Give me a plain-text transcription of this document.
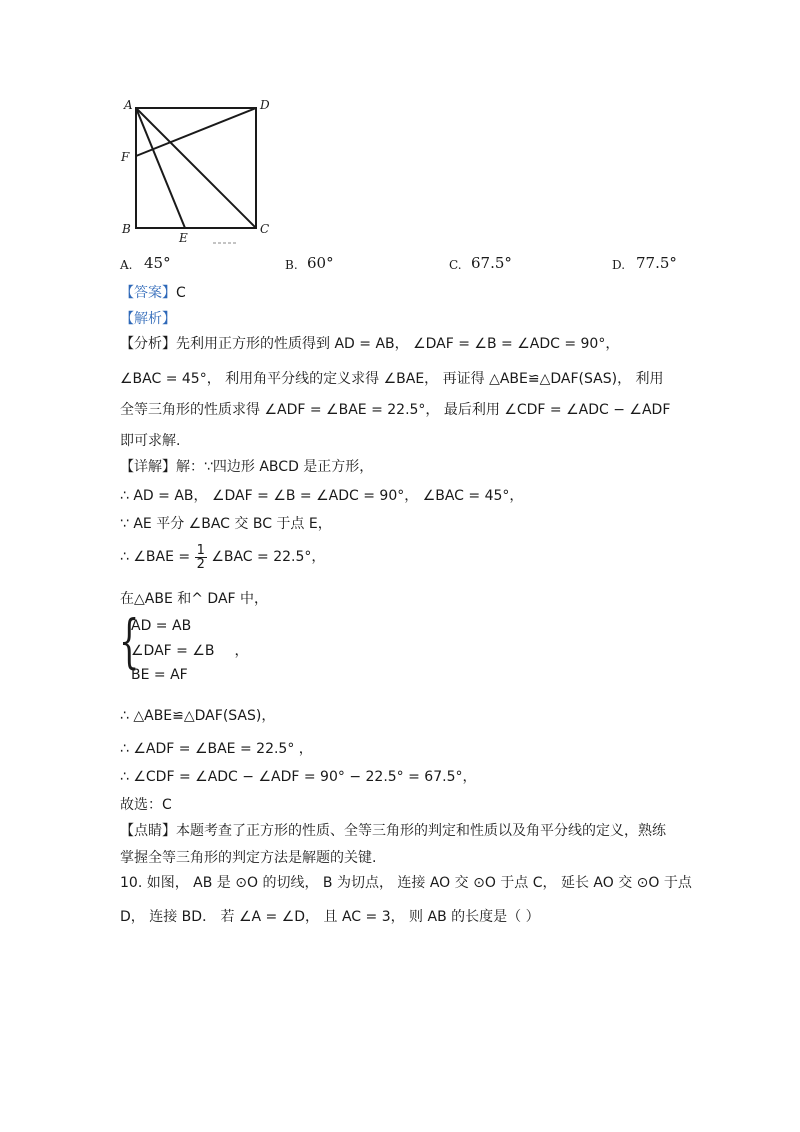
A	D
F
B
E
C
A. 45°	B. 60°	C. 67.5°	D. 77.5°
【答案】C
【解析】
【分析】先利用正方形的性质得到 AD = AB， ∠DAF = ∠B = ∠ADC = 90°，
∠BAC = 45°， 利用角平分线的定义求得 ∠BAE， 再证得 △ABE≌△DAF(SAS)， 利用
全等三角形的性质求得 ∠ADF = ∠BAE = 22.5°， 最后利用 ∠CDF = ∠ADC − ∠ADF
即可求解.
【详解】解：∵四边形 ABCD 是正方形，
∴ AD = AB， ∠DAF = ∠B = ∠ADC = 90°， ∠BAC = 45°，
∵ AE 平分 ∠BAC 交 BC 于点 E，
∴ ∠BAE = $\frac{1}{2}$ ∠BAC = 22.5°，
在△ABE 和^ DAF 中，
{
AD = AB
∠DAF = ∠B ，
BE = AF
∴ △ABE≌△DAF(SAS)，
∴ ∠ADF = ∠BAE = 22.5° ，
∴ ∠CDF = ∠ADC − ∠ADF = 90° − 22.5° = 67.5°，
故选：C
【点睛】本题考查了正方形的性质、全等三角形的判定和性质以及角平分线的定义，熟练
掌握全等三角形的判定方法是解题的关键.
10. 如图， AB 是 ⊙O 的切线， B 为切点， 连接 AO 交 ⊙O 于点 C， 延长 AO 交 ⊙O 于点
D， 连接 BD． 若 ∠A = ∠D， 且 AC = 3， 则 AB 的长度是（ ）
